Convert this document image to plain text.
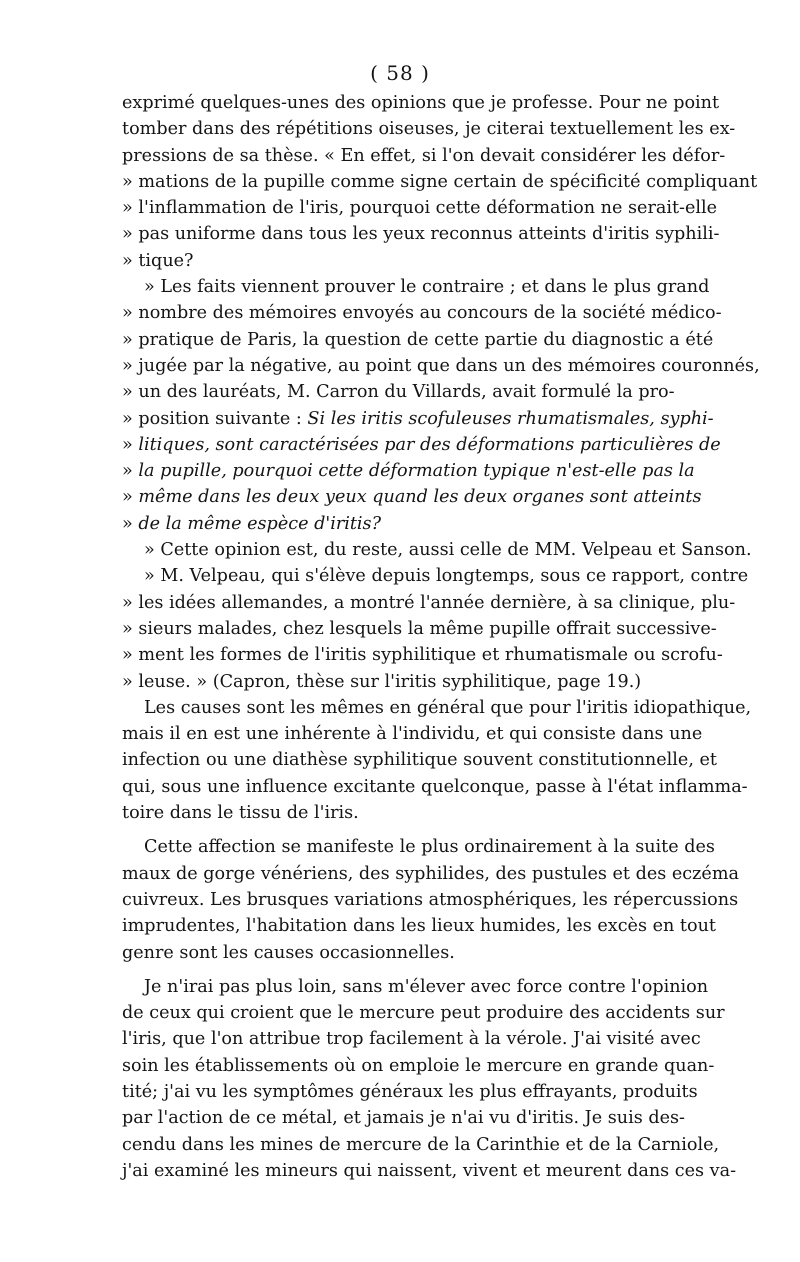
( 58 )
exprimé quelques-unes des opinions que je professe. Pour ne point
tomber dans des répétitions oiseuses, je citerai textuellement les ex-
pressions de sa thèse. « En effet, si l'on devait considérer les défor-
» mations de la pupille comme signe certain de spécificité compliquant
» l'inflammation de l'iris, pourquoi cette déformation ne serait-elle
» pas uniforme dans tous les yeux reconnus atteints d'iritis syphili-
» tique?
» Les faits viennent prouver le contraire ; et dans le plus grand
» nombre des mémoires envoyés au concours de la société médico-
» pratique de Paris, la question de cette partie du diagnostic a été
» jugée par la négative, au point que dans un des mémoires couronnés,
» un des lauréats, M. Carron du Villards, avait formulé la pro-
» position suivante : Si les iritis scofuleuses rhumatismales, syphi-
» litiques, sont caractérisées par des déformations particulières de
» la pupille, pourquoi cette déformation typique n'est-elle pas la
» même dans les deux yeux quand les deux organes sont atteints
» de la même espèce d'iritis?
» Cette opinion est, du reste, aussi celle de MM. Velpeau et Sanson.
» M. Velpeau, qui s'élève depuis longtemps, sous ce rapport, contre
» les idées allemandes, a montré l'année dernière, à sa clinique, plu-
» sieurs malades, chez lesquels la même pupille offrait successive-
» ment les formes de l'iritis syphilitique et rhumatismale ou scrofu-
» leuse. » (Capron, thèse sur l'iritis syphilitique, page 19.)
Les causes sont les mêmes en général que pour l'iritis idiopathique,
mais il en est une inhérente à l'individu, et qui consiste dans une
infection ou une diathèse syphilitique souvent constitutionnelle, et
qui, sous une influence excitante quelconque, passe à l'état inflamma-
toire dans le tissu de l'iris.
Cette affection se manifeste le plus ordinairement à la suite des
maux de gorge vénériens, des syphilides, des pustules et des eczéma
cuivreux. Les brusques variations atmosphériques, les répercussions
imprudentes, l'habitation dans les lieux humides, les excès en tout
genre sont les causes occasionnelles.
Je n'irai pas plus loin, sans m'élever avec force contre l'opinion
de ceux qui croient que le mercure peut produire des accidents sur
l'iris, que l'on attribue trop facilement à la vérole. J'ai visité avec
soin les établissements où on emploie le mercure en grande quan-
tité; j'ai vu les symptômes généraux les plus effrayants, produits
par l'action de ce métal, et jamais je n'ai vu d'iritis. Je suis des-
cendu dans les mines de mercure de la Carinthie et de la Carniole,
j'ai examiné les mineurs qui naissent, vivent et meurent dans ces va-
